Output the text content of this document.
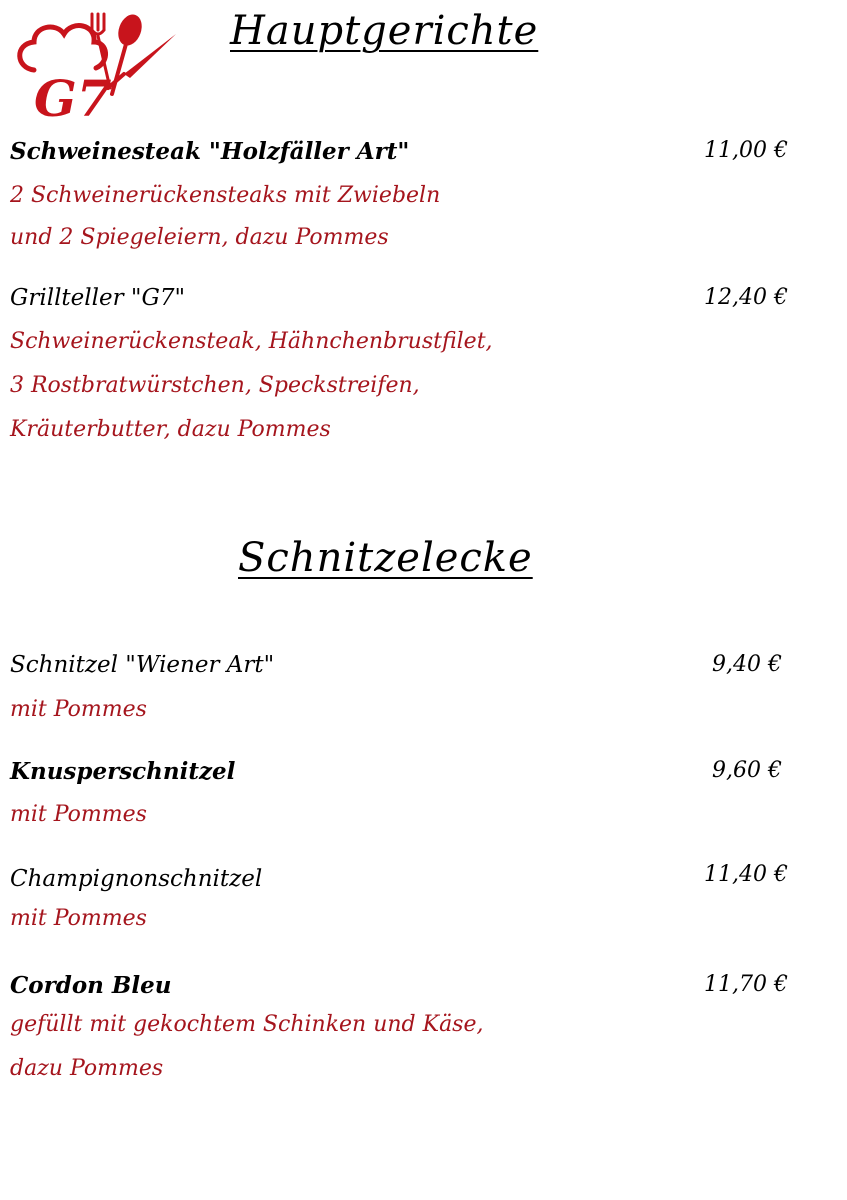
G7
Hauptgerichte
Schweinesteak "Holzfäller Art"	11,00 €
2 Schweinerückensteaks mit Zwiebeln
und 2 Spiegeleiern, dazu Pommes
Grillteller "G7"	12,40 €
Schweinerückensteak, Hähnchenbrustfilet,
3 Rostbratwürstchen, Speckstreifen,
Kräuterbutter, dazu Pommes
Schnitzelecke
Schnitzel "Wiener Art"	9,40 €
mit Pommes
Knusperschnitzel	9,60 €
mit Pommes
Champignonschnitzel	11,40 €
mit Pommes
Cordon Bleu	11,70 €
gefüllt mit gekochtem Schinken und Käse,
dazu Pommes
